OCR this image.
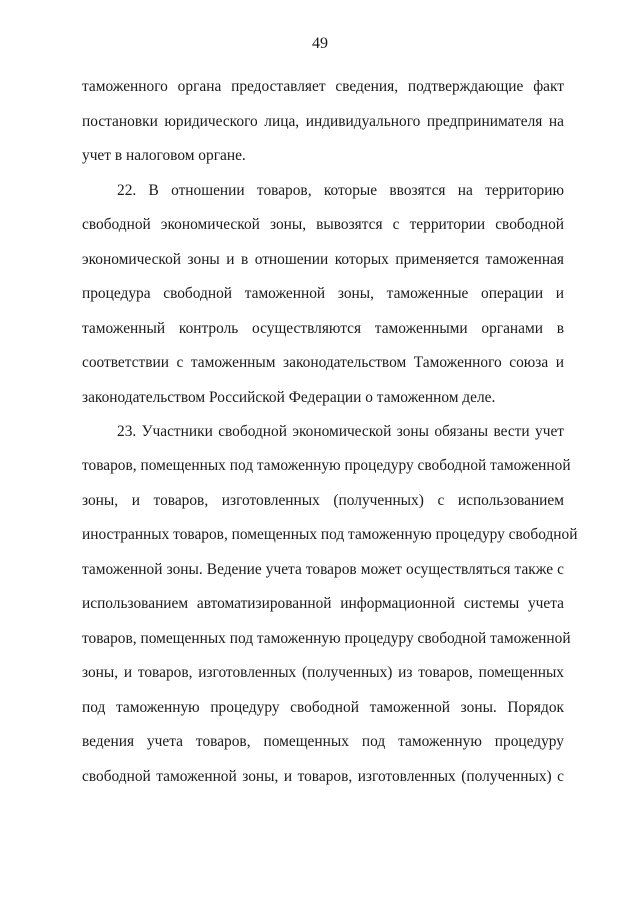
49
таможенного органа предоставляет сведения, подтверждающие факт
постановки юридического лица, индивидуального предпринимателя на
учет в налоговом органе.
22. В отношении товаров, которые ввозятся на территорию
свободной экономической зоны, вывозятся с территории свободной
экономической зоны и в отношении которых применяется таможенная
процедура свободной таможенной зоны, таможенные операции и
таможенный контроль осуществляются таможенными органами в
соответствии с таможенным законодательством Таможенного союза и
законодательством Российской Федерации о таможенном деле.
23. Участники свободной экономической зоны обязаны вести учет
товаров, помещенных под таможенную процедуру свободной таможенной
зоны, и товаров, изготовленных (полученных) с использованием
иностранных товаров, помещенных под таможенную процедуру свободной
таможенной зоны. Ведение учета товаров может осуществляться также с
использованием автоматизированной информационной системы учета
товаров, помещенных под таможенную процедуру свободной таможенной
зоны, и товаров, изготовленных (полученных) из товаров, помещенных
под таможенную процедуру свободной таможенной зоны. Порядок
ведения учета товаров, помещенных под таможенную процедуру
свободной таможенной зоны, и товаров, изготовленных (полученных) с
